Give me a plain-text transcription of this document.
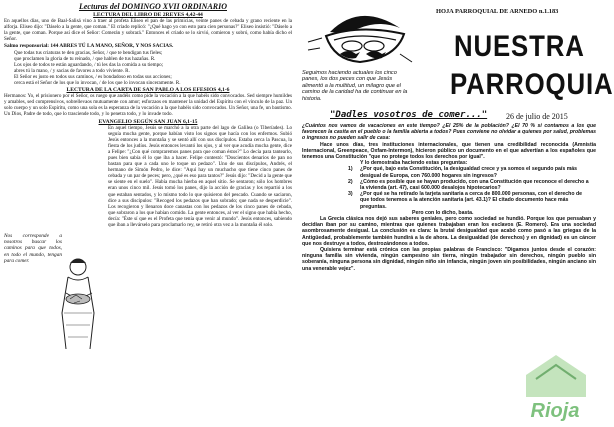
Lecturas del DOMINGO XVII ORDINARIO
LECTURA DEL LIBRO DE 2REYES 4,42-44
En aquellos días, uno de Baal-Salisá vino a traer al profeta Eliseo el pan de las primicias, veinte panes de cebada y grano reciente en la alforja. Eliseo dijo: "Dáselo a la gente, que coman." El criado replicó: "¿Qué hago yo con esto para cien personas?" Eliseo insistió: "Dáselo a la gente, que coman. Porque así dice el Señor: Comerán y sobrará." Entonces el criado se lo sirvió, comieron y sobró, como había dicho el Señor.
Salmo responsorial: 144 ABRES TÚ LA MANO, SEÑOR, Y NOS SACIAS.
Que todas tus criaturas te den gracias, Señor, / que te bendigan tus fieles;
que proclamen la gloria de tu reinado, / que hablen de tus hazañas. R.
Los ojos de todos te están aguardando, / tú les das la comida a su tiempo;
abres tú la mano, / y sacias de favores a todo viviente. R.
El Señor es justo en todos sus caminos, / es bondadoso en todas sus acciones;
cerca está el Señor de los que lo invocan, / de los que lo invocan sinceramente. R.
LECTURA DE LA CARTA DE SAN PABLO A LOS EFESIOS 4,1-6
Hermanos: Yo, el prisionero por el Señor, os ruego que andéis como pide la vocación a la que habéis sido convocados. Sed siempre humildes y amables, sed comprensivos, sobrellevaos mutuamente con amor; esforzaos en mantener la unidad del Espíritu con el vínculo de la paz. Un solo cuerpo y un solo Espíritu, como una sola es la esperanza de la vocación a la que habéis sido convocados. Un Señor, una fe, un bautismo. Un Dios, Padre de todo, que lo trasciende todo, y lo penetra todo, y lo invade todo.
EVANGELIO SEGÚN SAN JUAN 6,1-15
Nos corresponde a nosotros buscar los caminos para que todos, en todo el mundo, tengan para comer.
En aquel tiempo, Jesús se marchó a la otra parte del lago de Galilea (o Tiberíades). Lo seguía mucha gente, porque habían visto los signos que hacía con los enfermos. Subió Jesús entonces a la montaña y se sentó allí con sus discípulos. Estaba cerca la Pascua, la fiesta de los judíos. Jesús entonces levantó los ojos, y al ver que acudía mucha gente, dice a Felipe: "¿Con qué compraremos panes para que coman éstos?" Lo decía para tantearlo, pues bien sabía él lo que iba a hacer. Felipe contestó: "Doscientos denarios de pan no bastan para que a cada uno le toque un pedazo". Uno de sus discípulos, Andrés, el hermano de Simón Pedro, le dice: "Aquí hay un muchacho que tiene cinco panes de cebada y un par de peces; pero, ¿qué es eso para tantos?" Jesús dijo: "Decid a la gente que se siente en el suelo". Había mucha hierba en aquel sitio. Se sentaron; sólo los hombres eran unos cinco mil. Jesús tomó los panes, dijo la acción de gracias y los repartió a los que estaban sentados, y lo mismo todo lo que quisieron del pescado. Cuando se saciaron, dice a sus discípulos: "Recoged los pedazos que han sobrado; que nada se desperdicie". Los recogieron y llenaron doce canastas con los pedazos de los cinco panes de cebada, que sobraron a los que habían comido. La gente entonces, al ver el signo que había hecho, decía: "Éste sí que es el Profeta que tenía que venir al mundo". Jesús entonces, sabiendo que iban a llevárselo para proclamarlo rey, se retiró otra vez a la montaña él solo.
Seguimos haciendo actuales los cinco panes, los dos peces con que Jesús alimentó a la multitud, un milagro que el camino de la caridad ha de continuar en la historia.
HOJA PARROQUIAL DE ARNEDO n.1.183
NUESTRA
PARROQUIA
"Dadles vosotros de comer..." 26 de julio de 2015
¿Cuántos nos vamos de vacaciones en este tiempo? ¿El 25% de la población? ¿El 70 % si contamos a los que favorecen la casita en el pueblo o la familia abierta a todos? Pues conviene no olvidar a quienes por salud, problemas o ingresos no pueden salir de casa:
Hace unos días, tres instituciones internacionales, que tienen una credibilidad reconocida (Amnistía Internacional, Greenpeace, Oxfam-Intermon), hicieron público un documento en el que advertían a los españoles que tenemos una Constitución "que no protege todos los derechos por igual".
Y lo demostraba haciendo estas preguntas:
1)	¿Por qué, bajo esta Constitución, la desigualdad crece y ya somos el segundo país más desigual de Europa, con 760.000 hogares sin ingresos?
2)	¿Cómo es posible que se hayan producido, con una Constitución que reconoce el derecho a la vivienda (art. 47), casi 600.000 desalojos hipotecarios?
3)	¿Por qué se ha retirado la tarjeta sanitaria a cerca de 800.000 personas, con el derecho de que todos tenemos a la atención sanitaria (art. 43.1)? El citado documento hace más preguntas.
Pero con lo dicho, basta.
La Grecia clásica nos dejó sus saberes geniales, pero como sociedad se hundió. Porque los que pensaban y decidían iban por su camino, mientras que quienes trabajaban eran los esclavos (E. Romero). Era una sociedad asombrosamente desigual. La conclusión es clara: la brutal desigualdad que acabó como pasó a las griegas de la Antigüedad, probablemente también hundirá a la de ahora. La desigualdad (de derechos) y en dignidad) es un cáncer que nos destruye a todos, destrozándonos a todos.
Quisiera terminar está crónica con las propias palabras de Francisco: "Digamos juntos desde el corazón: ninguna familia sin vivienda, ningún campesino sin tierra, ningún trabajador sin derechos, ningún pueblo sin soberanía, ninguna persona sin dignidad, ningún niño sin infancia, ningún joven sin posibilidades, ningún anciano sin una venerable vejez".
Rioja
